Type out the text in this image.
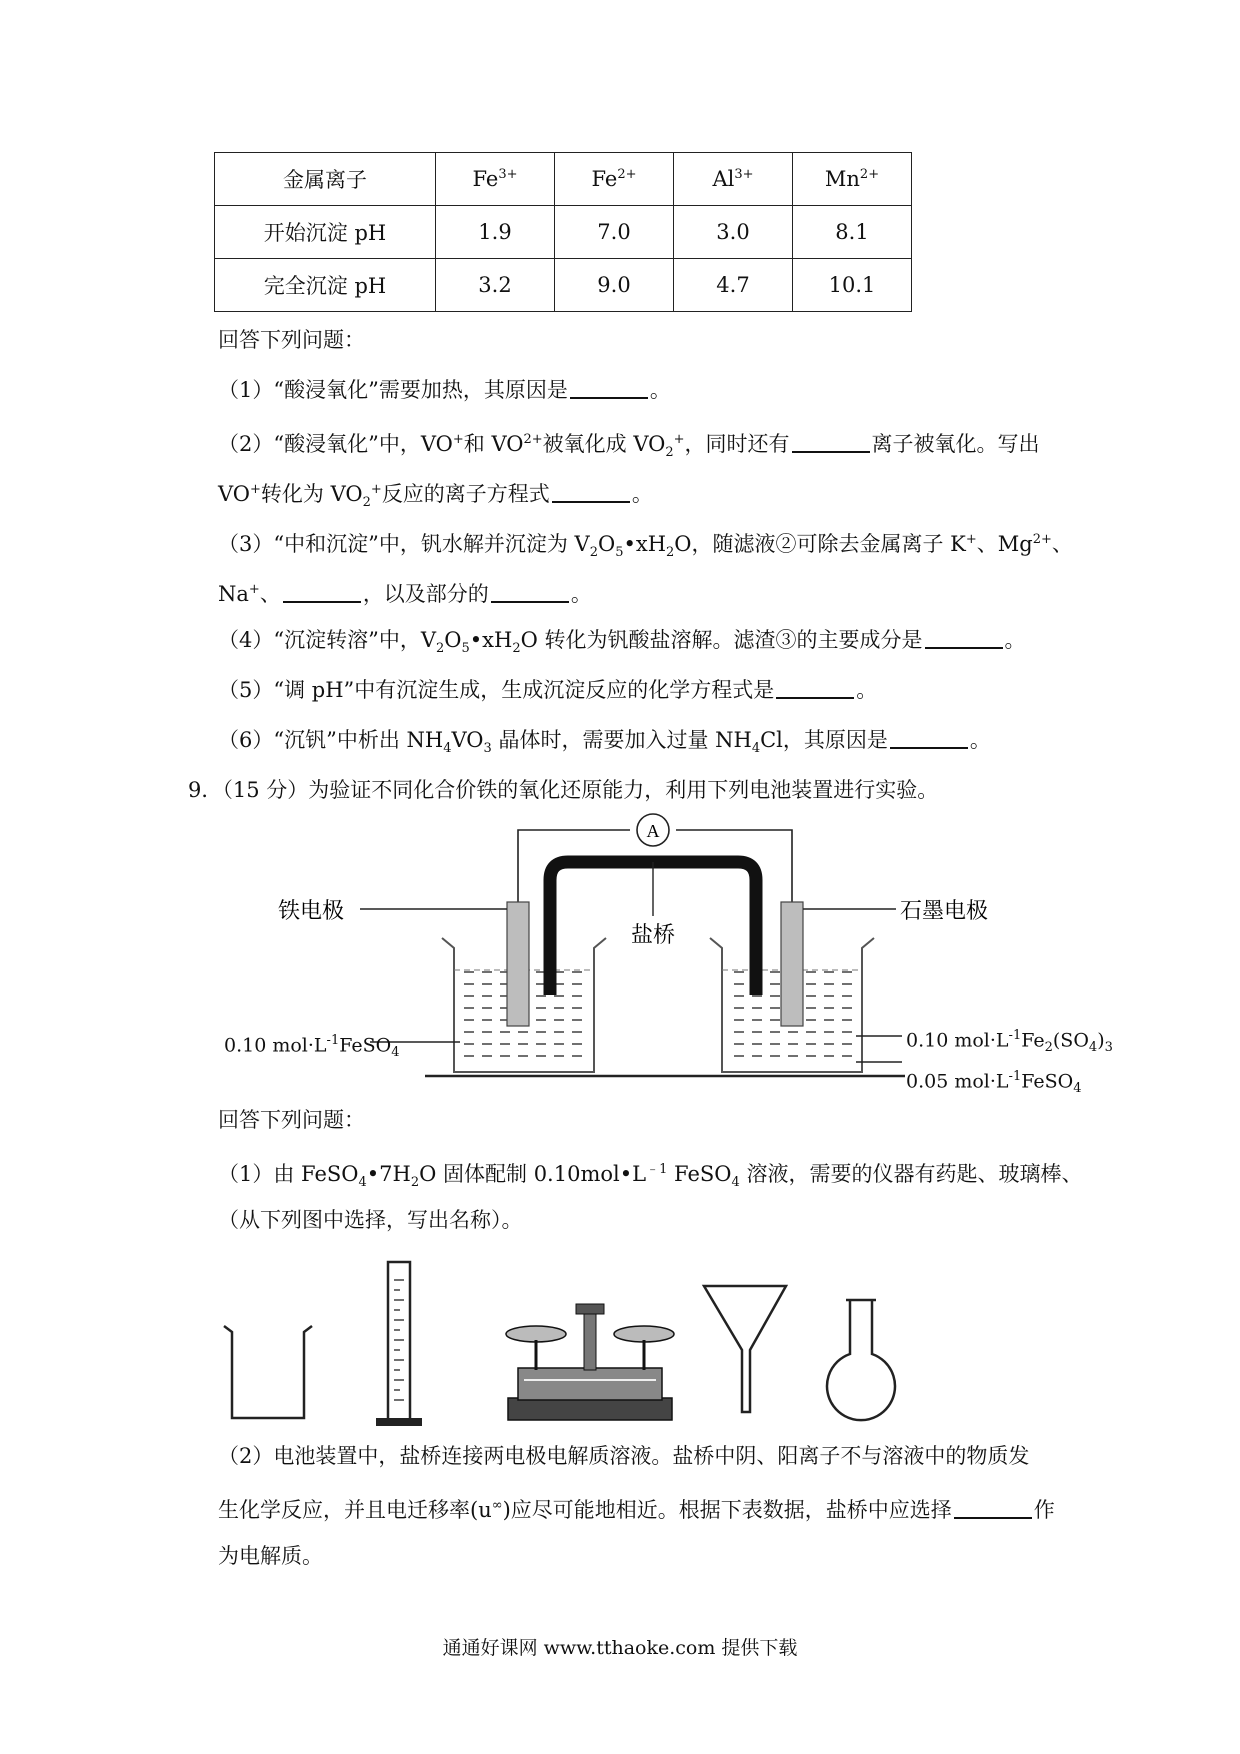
金属离子	$Fe^{3+}$	$Fe^{2+}$	$Al^{3+}$	$Mn^{2+}$
开始沉淀 pH	1.9	7.0	3.0	8.1
完全沉淀 pH	3.2	9.0	4.7	10.1
回答下列问题：
（1）“酸浸氧化”需要加热，其原因是	。
（2）“酸浸氧化”中，VO+和 $VO^{2+}$被氧化成 $VO_2^+$，同时还有	离子被氧化。写出
VO+转化为 $VO_2^+$反应的离子方程式	。
（3）“中和沉淀”中，钒水解并沉淀为 $V_2O_5•xH_2O$，随滤液②可除去金属离子 K+、$Mg^{2+}$、
Na+、	，以及部分的	。
（4）“沉淀转溶”中，$V_2O_5•xH_2O$ 转化为钒酸盐溶解。滤渣③的主要成分是	。
（5）“调 pH”中有沉淀生成，生成沉淀反应的化学方程式是	。
（6）“沉钒”中析出 $NH_4VO_3$ 晶体时，需要加入过量 $NH_4Cl$，其原因是	。
9．（15 分）为验证不同化合价铁的氧化还原能力，利用下列电池装置进行实验。
A
铁电极	石墨电极
盐桥
0.10 $mol\cdot L^{-1}FeSO_4$
0.10 $mol\cdot L^{-1}Fe_2(SO_4)_3$
0.05 $mol\cdot L^{-1}FeSO_4$
回答下列问题：
（1）由 $FeSO_4•7H_2O$ 固体配制 $0.10mol•L^{﹣1}$ FeSO$_4$ 溶液，需要的仪器有药匙、玻璃棒、
（从下列图中选择，写出名称）。
（2）电池装置中，盐桥连接两电极电解质溶液。盐桥中阴、阳离子不与溶液中的物质发
生化学反应，并且电迁移率(u∞)应尽可能地相近。根据下表数据，盐桥中应选择	作
为电解质。
通通好课网 www.tthaoke.com 提供下载
